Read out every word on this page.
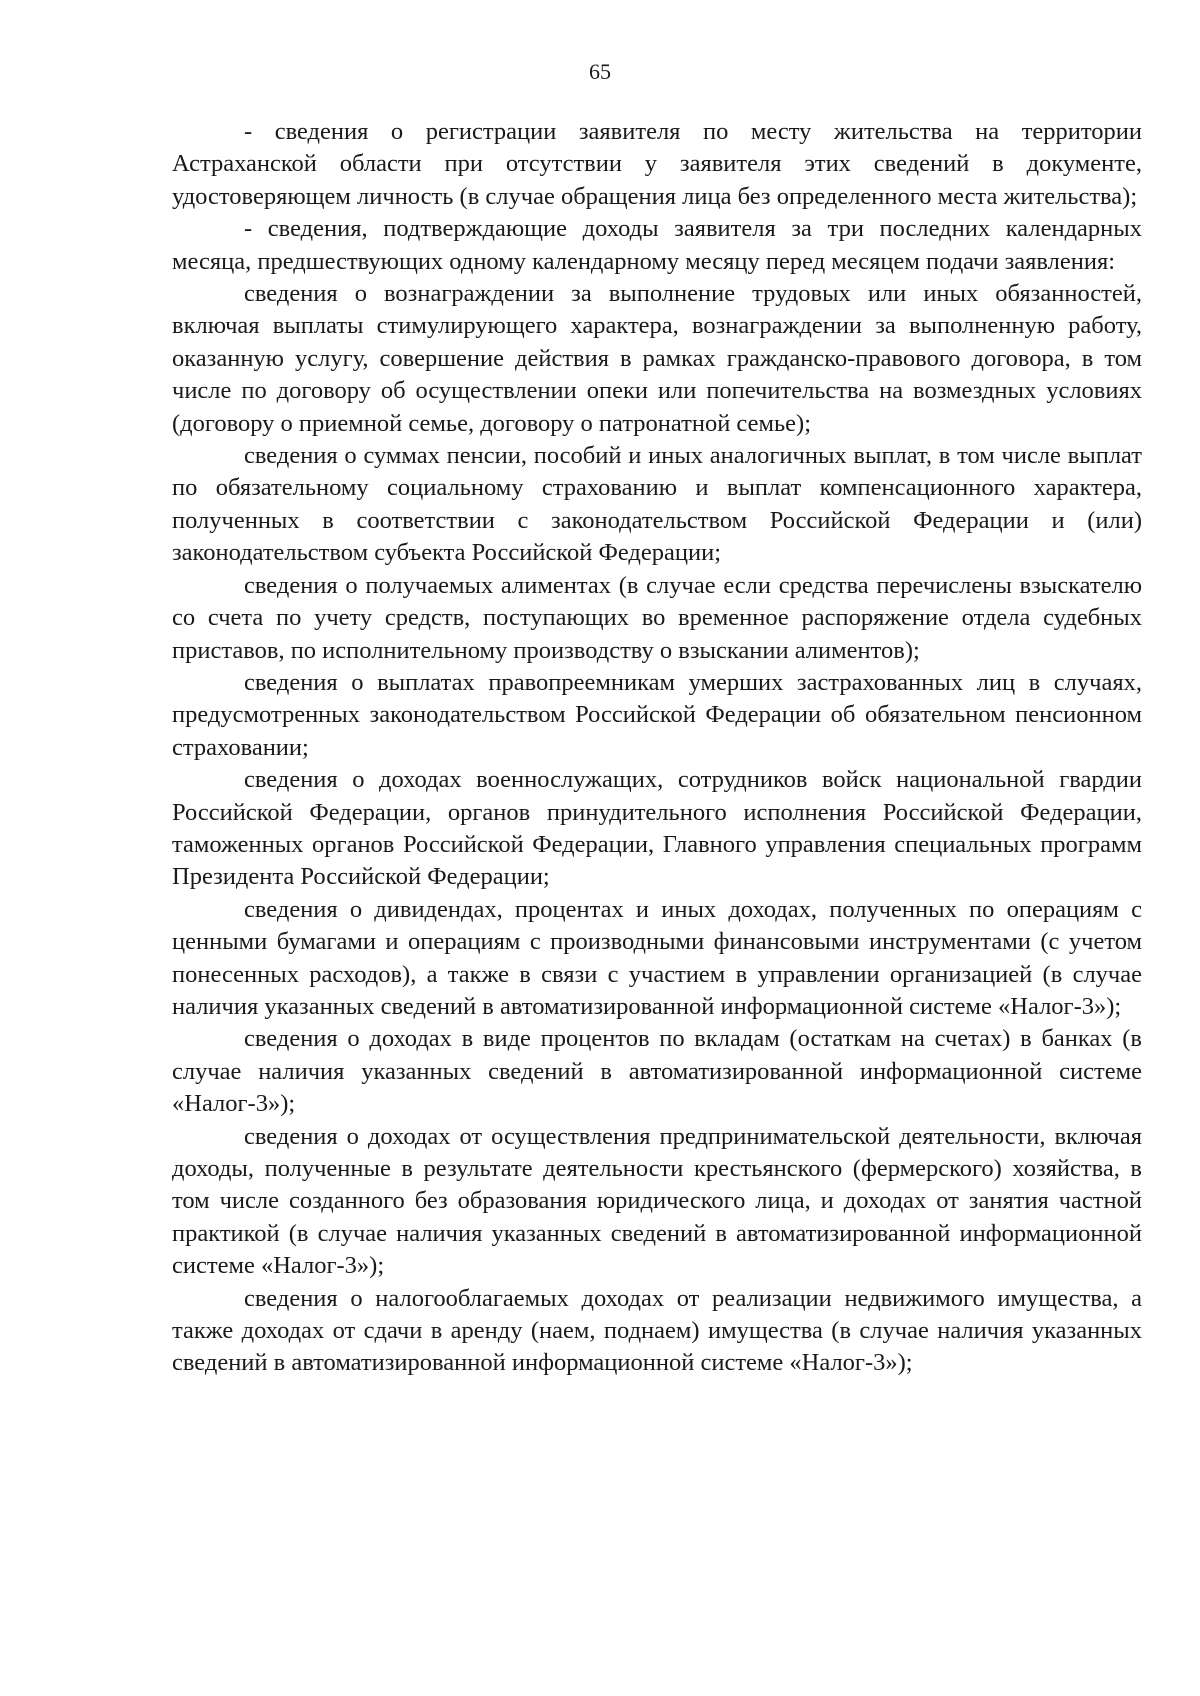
65

- сведения о регистрации заявителя по месту жительства на территории Астраханской области при отсутствии у заявителя этих сведений в документе, удостоверяющем личность (в случае обращения лица без определенного места жительства);

- сведения, подтверждающие доходы заявителя за три последних календарных месяца, предшествующих одному календарному месяцу перед месяцем подачи заявления:

сведения о вознаграждении за выполнение трудовых или иных обязанностей, включая выплаты стимулирующего характера, вознаграждении за выполненную работу, оказанную услугу, совершение действия в рамках гражданско-правового договора, в том числе по договору об осуществлении опеки или попечительства на возмездных условиях (договору о приемной семье, договору о патронатной семье);

сведения о суммах пенсии, пособий и иных аналогичных выплат, в том числе выплат по обязательному социальному страхованию и выплат компенсационного характера, полученных в соответствии с законодательством Российской Федерации и (или) законодательством субъекта Российской Федерации;

сведения о получаемых алиментах (в случае если средства перечислены взыскателю со счета по учету средств, поступающих во временное распоряжение отдела судебных приставов, по исполнительному производству о взыскании алиментов);

сведения о выплатах правопреемникам умерших застрахованных лиц в случаях, предусмотренных законодательством Российской Федерации об обязательном пенсионном страховании;

сведения о доходах военнослужащих, сотрудников войск национальной гвардии Российской Федерации, органов принудительного исполнения Российской Федерации, таможенных органов Российской Федерации, Главного управления специальных программ Президента Российской Федерации;

сведения о дивидендах, процентах и иных доходах, полученных по операциям с ценными бумагами и операциям с производными финансовыми инструментами (с учетом понесенных расходов), а также в связи с участием в управлении организацией (в случае наличия указанных сведений в автоматизированной информационной системе «Налог-3»);

сведения о доходах в виде процентов по вкладам (остаткам на счетах) в банках (в случае наличия указанных сведений в автоматизированной информационной системе «Налог-3»);

сведения о доходах от осуществления предпринимательской деятельности, включая доходы, полученные в результате деятельности крестьянского (фермерского) хозяйства, в том числе созданного без образования юридического лица, и доходах от занятия частной практикой (в случае наличия указанных сведений в автоматизированной информационной системе «Налог-3»);

сведения о налогооблагаемых доходах от реализации недвижимого имущества, а также доходах от сдачи в аренду (наем, поднаем) имущества (в случае наличия указанных сведений в автоматизированной информационной системе «Налог-3»);
